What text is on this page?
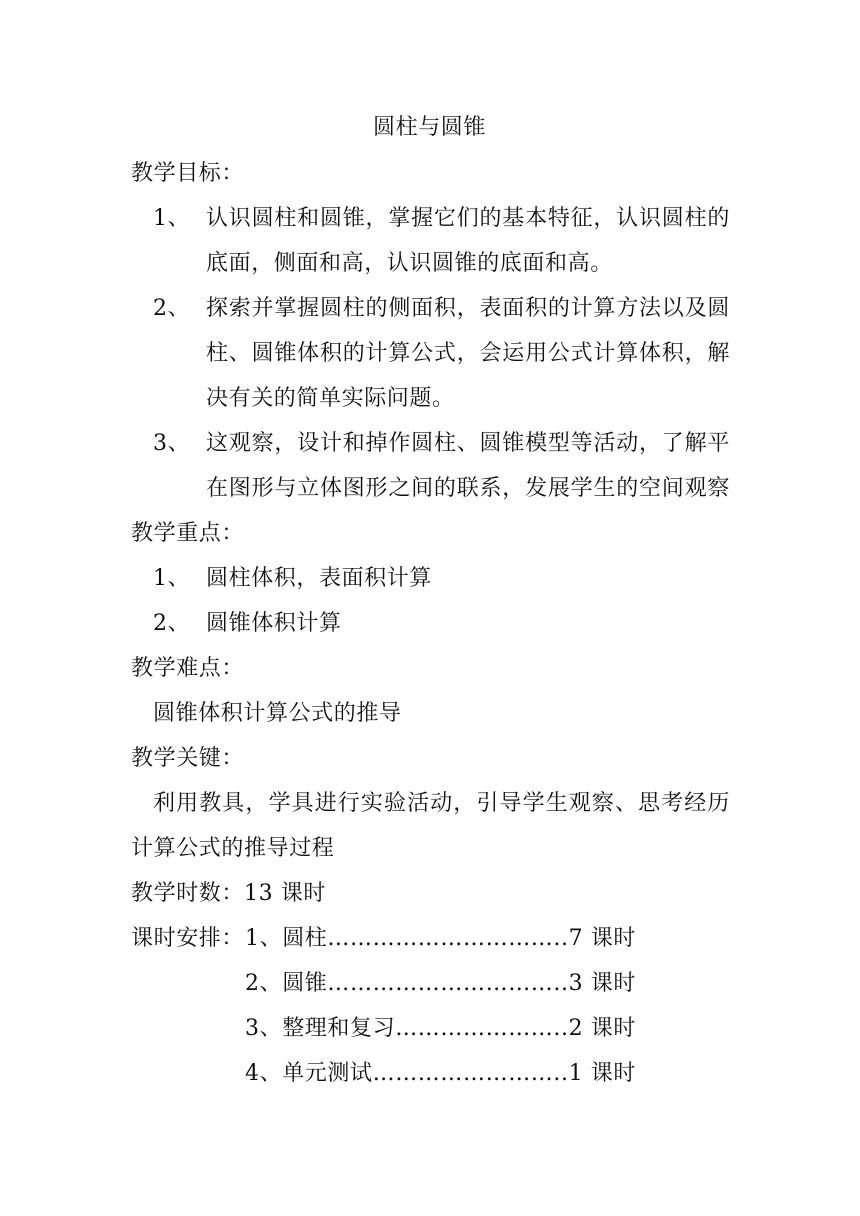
圆柱与圆锥
教学目标：
1、 认识圆柱和圆锥，掌握它们的基本特征，认识圆柱的
底面，侧面和高，认识圆锥的底面和高。
2、 探索并掌握圆柱的侧面积，表面积的计算方法以及圆
柱、圆锥体积的计算公式，会运用公式计算体积，解
决有关的简单实际问题。
3、 这观察，设计和掉作圆柱、圆锥模型等活动，了解平
在图形与立体图形之间的联系，发展学生的空间观察
教学重点：
1、 圆柱体积，表面积计算
2、 圆锥体积计算
教学难点：
圆锥体积计算公式的推导
教学关键：
利用教具，学具进行实验活动，引导学生观察、思考经历
计算公式的推导过程
教学时数：13 课时
课时安排： 1、圆柱…………………………..7 课时
2、圆锥…………………………..3 课时
3、整理和复习…………………..2 课时
4、单元测试……………………..1 课时
